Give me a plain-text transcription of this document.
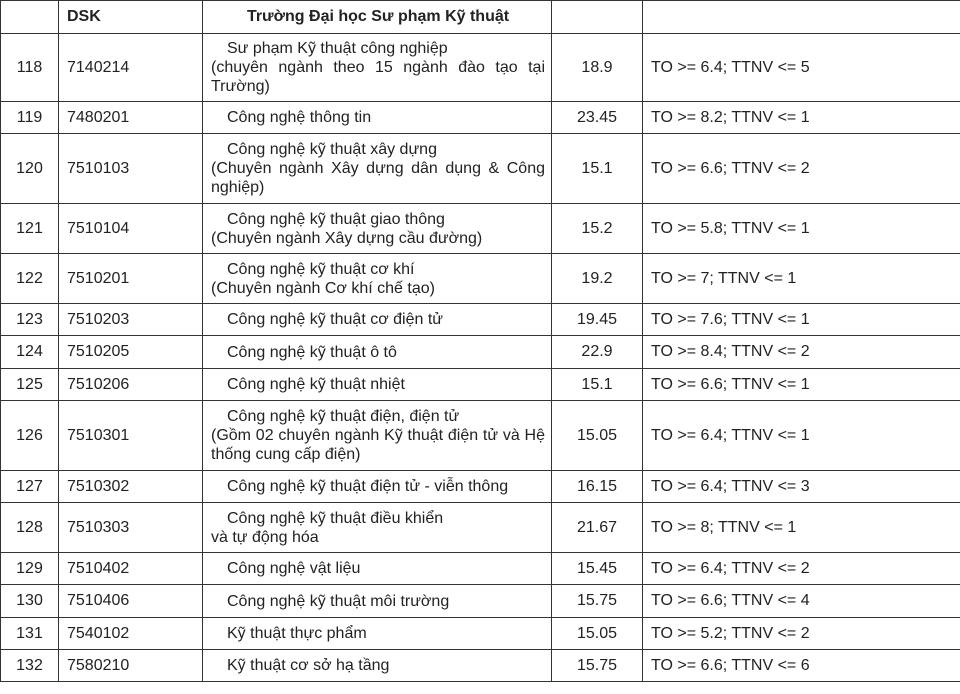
	DSK	Trường Đại học Sư phạm Kỹ thuật		
118	7140214	Sư phạm Kỹ thuật công nghiệp
(chuyên ngành theo 15 ngành đào tạo tại Trường)	18.9	TO >= 6.4; TTNV <= 5
119	7480201	Công nghệ thông tin	23.45	TO >= 8.2; TTNV <= 1
120	7510103	Công nghệ kỹ thuật xây dựng
(Chuyên ngành Xây dựng dân dụng & Công nghiệp)	15.1	TO >= 6.6; TTNV <= 2
121	7510104	Công nghệ kỹ thuật giao thông
(Chuyên ngành Xây dựng cầu đường)	15.2	TO >= 5.8; TTNV <= 1
122	7510201	Công nghệ kỹ thuật cơ khí
(Chuyên ngành Cơ khí chế tạo)	19.2	TO >= 7; TTNV <= 1
123	7510203	Công nghệ kỹ thuật cơ điện tử	19.45	TO >= 7.6; TTNV <= 1
124	7510205	Công nghệ kỹ thuật ô tô	22.9	TO >= 8.4; TTNV <= 2
125	7510206	Công nghệ kỹ thuật nhiệt	15.1	TO >= 6.6; TTNV <= 1
126	7510301	Công nghệ kỹ thuật điện, điện tử
(Gồm 02 chuyên ngành Kỹ thuật điện tử và Hệ thống cung cấp điện)	15.05	TO >= 6.4; TTNV <= 1
127	7510302	Công nghệ kỹ thuật điện tử - viễn thông	16.15	TO >= 6.4; TTNV <= 3
128	7510303	Công nghệ kỹ thuật điều khiển
và tự động hóa	21.67	TO >= 8; TTNV <= 1
129	7510402	Công nghệ vật liệu	15.45	TO >= 6.4; TTNV <= 2
130	7510406	Công nghệ kỹ thuật môi trường	15.75	TO >= 6.6; TTNV <= 4
131	7540102	Kỹ thuật thực phẩm	15.05	TO >= 5.2; TTNV <= 2
132	7580210	Kỹ thuật cơ sở hạ tầng	15.75	TO >= 6.6; TTNV <= 6
